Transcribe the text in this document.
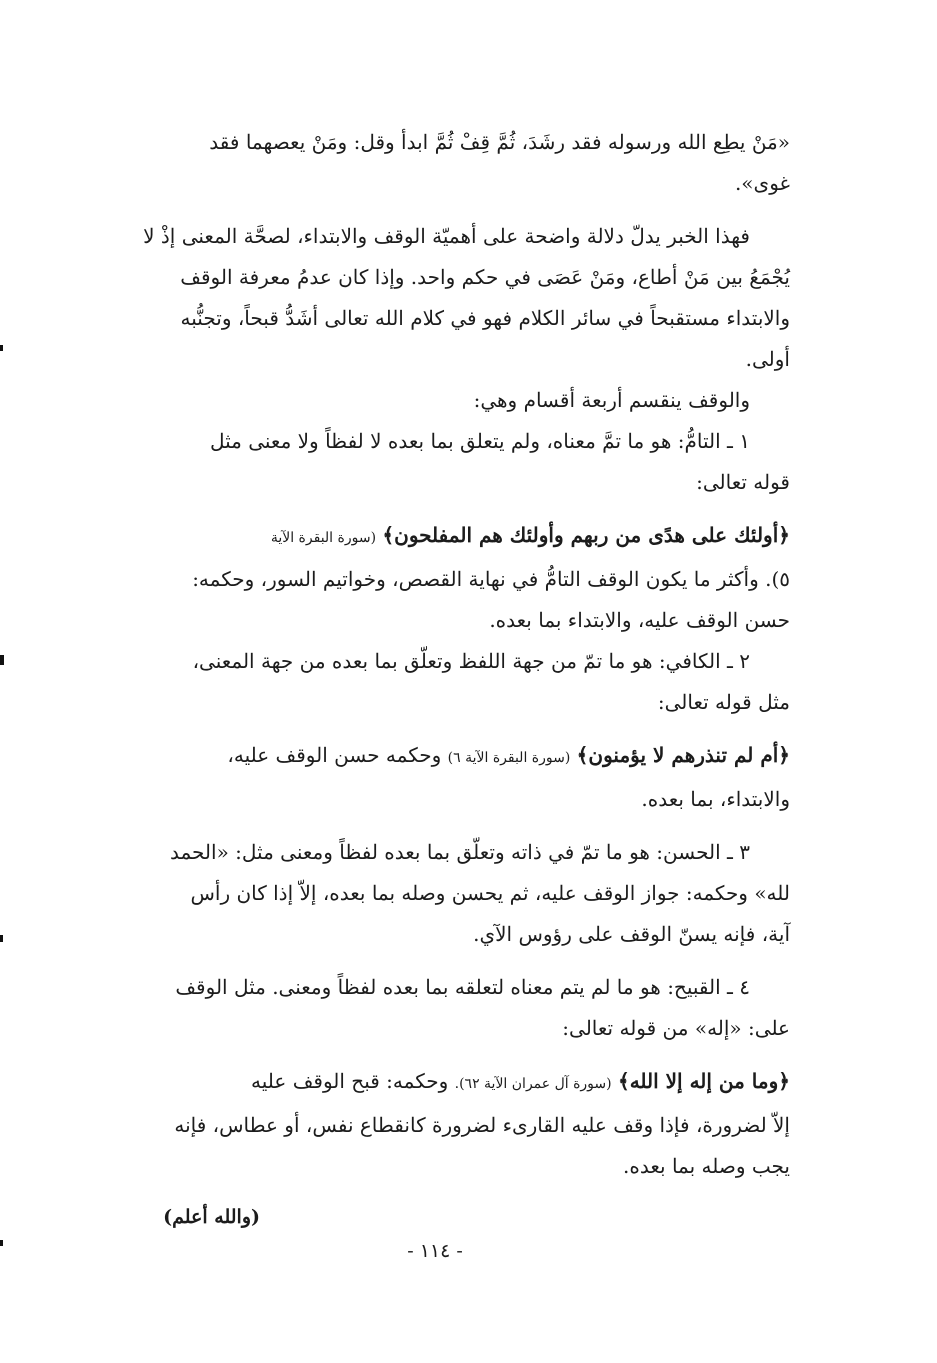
«مَنْ يطِع الله ورسوله فقد رشَدَ، ثُمَّ قِفْ ثُمَّ ابدأ وقل: ومَنْ يعصهما فقد

غوى».

فهذا الخبر يدلّ دلالة واضحة على أهميّة الوقف والابتداء، لصحَّة المعنى إذْ لا

يُجْمَعُ بين مَنْ أطاع، ومَنْ عَصَى في حكم واحد. وإذا كان عدمُ معرفة الوقف

والابتداء مستقبحاً في سائر الكلام فهو في كلام الله تعالى أشَدُّ قبحاً، وتجنُّبه

أولى.

والوقف ينقسم أربعة أقسام وهي:

١ ـ التامُّ: هو ما تمَّ معناه، ولم يتعلق بما بعده لا لفظاً ولا معنى مثل

قوله تعالى:

﴿أولئك على هدًى من ربهم وأولئك هم المفلحون﴾ (سورة البقرة الآية

٥). وأكثر ما يكون الوقف التامُّ في نهاية القصص، وخواتيم السور، وحكمه:

حسن الوقف عليه، والابتداء بما بعده.

٢ ـ الكافي: هو ما تمّ من جهة اللفظ وتعلّق بما بعده من جهة المعنى،

مثل قوله تعالى:

﴿أم لم تنذرهم لا يؤمنون﴾ (سورة البقرة الآية ٦) وحكمه حسن الوقف عليه،

والابتداء، بما بعده.

٣ ـ الحسن: هو ما تمّ في ذاته وتعلّق بما بعده لفظاً ومعنى مثل: «الحمد

لله» وحكمه: جواز الوقف عليه، ثم يحسن وصله بما بعده، إلاّ إذا كان رأس

آية، فإنه يسنّ الوقف على رؤوس الآي.

٤ ـ القبيح: هو ما لم يتم معناه لتعلقه بما بعده لفظاً ومعنى. مثل الوقف

على: «إله» من قوله تعالى:

﴿وما من إله إلا الله﴾ (سورة آل عمران الآية ٦٢). وحكمه: قبح الوقف عليه

إلاّ لضرورة، فإذا وقف عليه القارىء لضرورة كانقطاع نفس، أو عطاس، فإنه

يجب وصله بما بعده.

(والله أعلم)

- ١١٤ -
